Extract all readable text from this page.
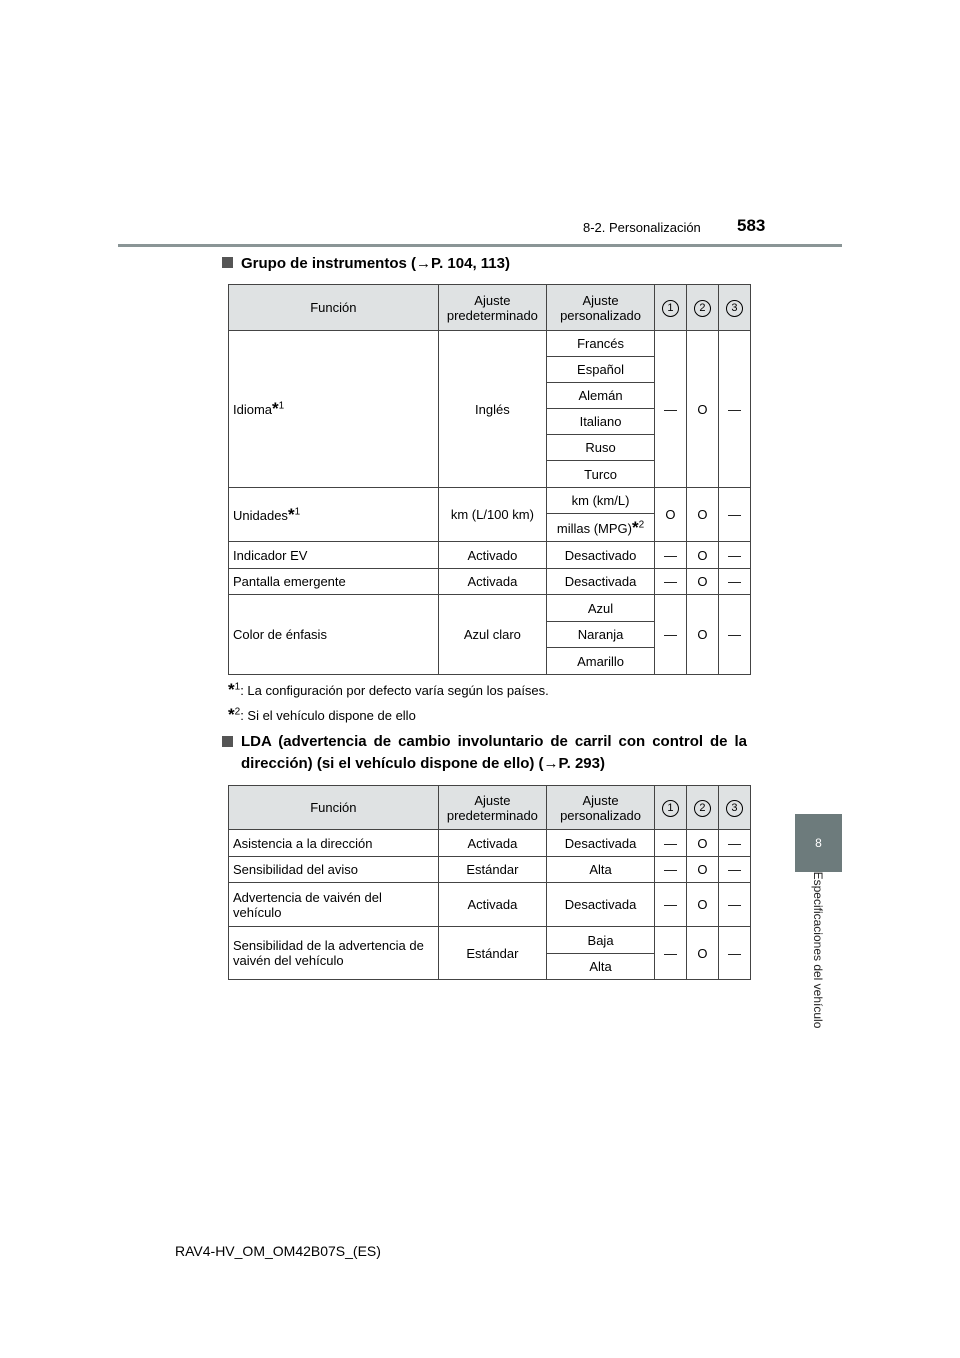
8-2. Personalización 583
8
Especificaciones del vehículo
Grupo de instrumentos (→P. 104, 113)
Función	Ajuste predeterminado	Ajuste personalizado	1	2	3
Idioma*$^1$	Inglés	Francés	—	O	—
		Español			
		Alemán			
		Italiano			
		Ruso			
		Turco			
Unidades*$^1$	km (L/100 km)	km (km/L)	O	O	—
		millas (MPG)*$^2$
Indicador EV	Activado	Desactivado	—	O	—
Pantalla emergente	Activada	Desactivada	—	O	—
Color de énfasis	Azul claro	Azul	—	O	—
		Naranja			
		Amarillo			
*$^1$: La configuración por defecto varía según los países.
*$^2$: Si el vehículo dispone de ello
LDA (advertencia de cambio involuntario de carril con control de la dirección) (si el vehículo dispone de ello) (→P. 293)
Función	Ajuste predeterminado	Ajuste personalizado	1	2	3
Asistencia a la dirección	Activada	Desactivada	—	O	—
Sensibilidad del aviso	Estándar	Alta	—	O	—
Advertencia de vaivén del vehículo	Activada	Desactivada	—	O	—
Sensibilidad de la advertencia de vaivén del vehículo	Estándar	Baja	—	O	—
		Alta			
RAV4-HV_OM_OM42B07S_(ES)
